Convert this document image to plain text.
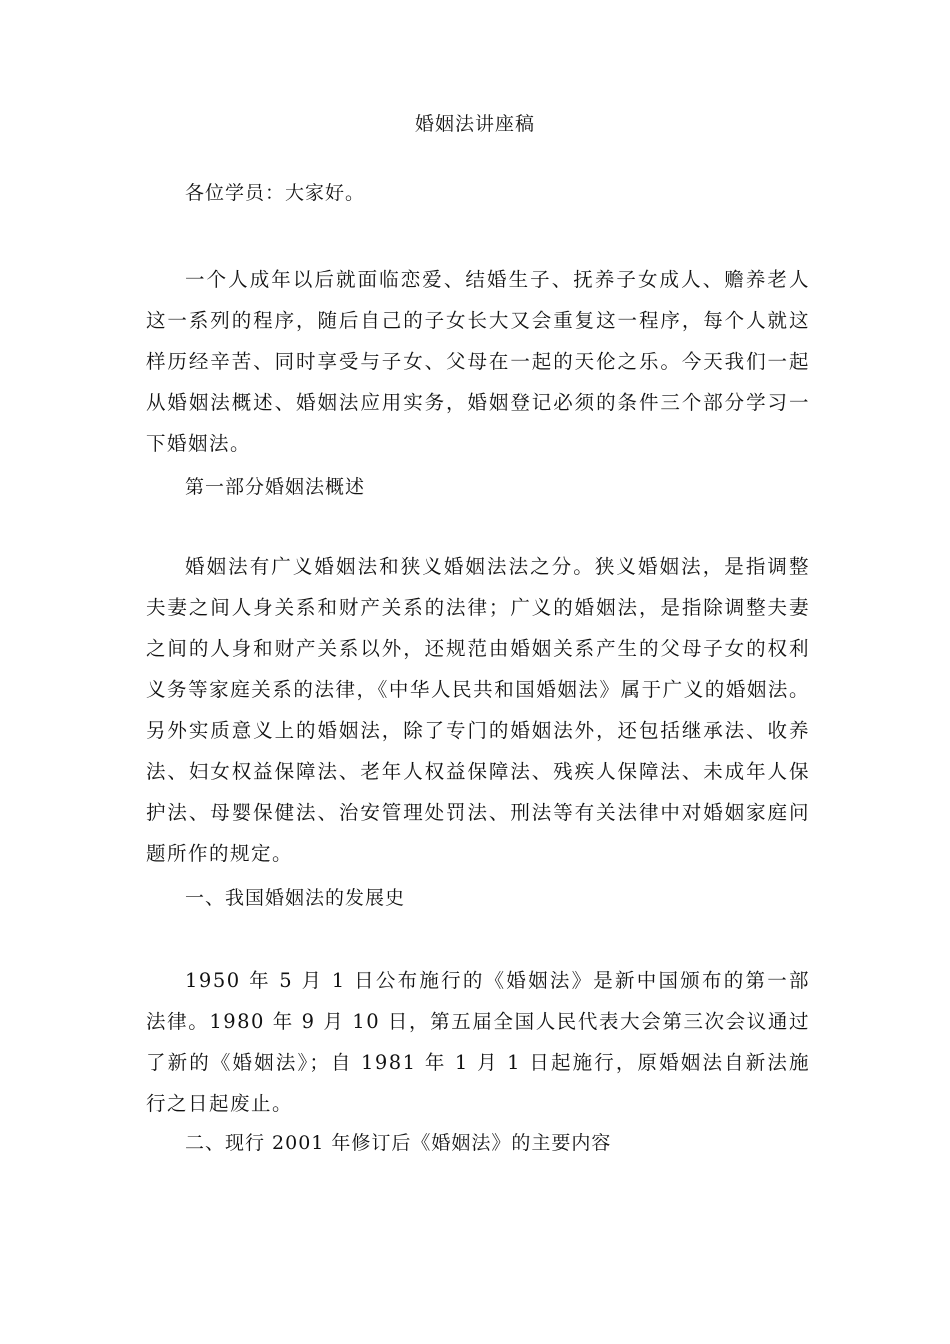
婚姻法讲座稿
各位学员：大家好。

一个人成年以后就面临恋爱、结婚生子、抚养子女成人、赡养老人这一系列的程序，随后自己的子女长大又会重复这一程序，每个人就这样历经辛苦、同时享受与子女、父母在一起的天伦之乐。今天我们一起从婚姻法概述、婚姻法应用实务，婚姻登记必须的条件三个部分学习一下婚姻法。

第一部分婚姻法概述

婚姻法有广义婚姻法和狭义婚姻法法之分。狭义婚姻法，是指调整夫妻之间人身关系和财产关系的法律；广义的婚姻法，是指除调整夫妻之间的人身和财产关系以外，还规范由婚姻关系产生的父母子女的权利义务等家庭关系的法律，《中华人民共和国婚姻法》属于广义的婚姻法。另外实质意义上的婚姻法，除了专门的婚姻法外，还包括继承法、收养法、妇女权益保障法、老年人权益保障法、残疾人保障法、未成年人保护法、母婴保健法、治安管理处罚法、刑法等有关法律中对婚姻家庭问题所作的规定。

一、我国婚姻法的发展史

1950 年 5 月 1 日公布施行的《婚姻法》是新中国颁布的第一部法律。1980 年 9 月 10 日，第五届全国人民代表大会第三次会议通过了新的《婚姻法》；自 1981 年 1 月 1 日起施行，原婚姻法自新法施行之日起废止。

二、现行 2001 年修订后《婚姻法》的主要内容
